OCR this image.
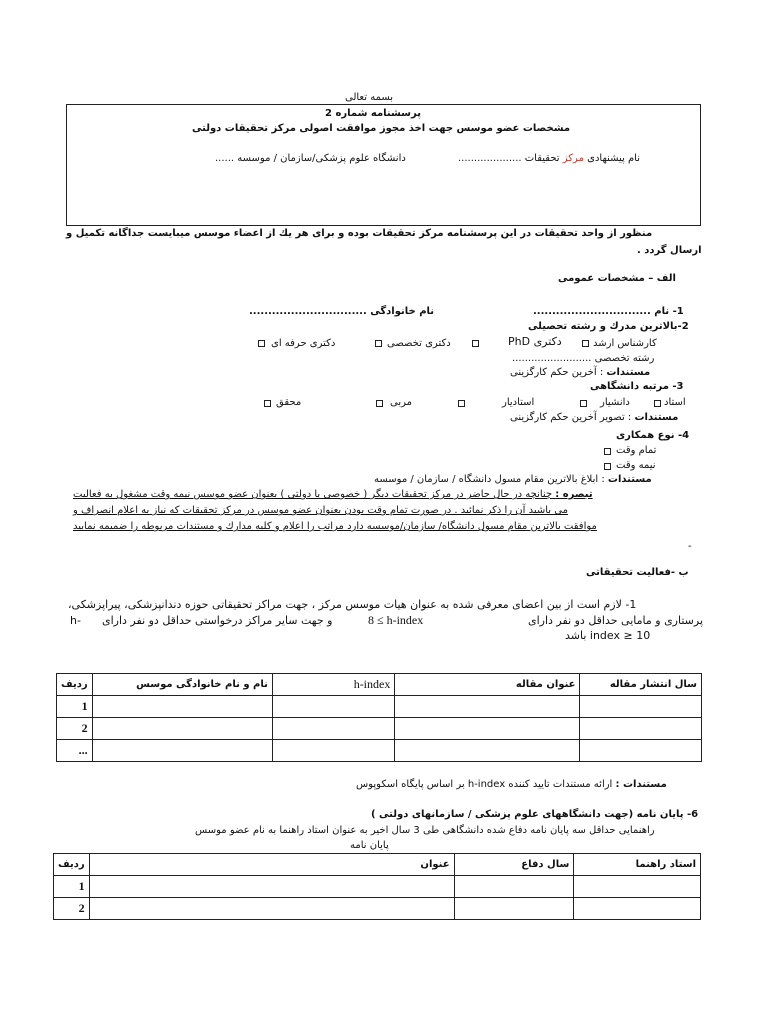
بسمه تعالی
پرسشنامه شماره 2
مشخصات عضو موسس جهت اخذ مجوز موافقت اصولی مرکز تحقیقات دولتی
نام پیشنهادی مرکز تحقیقات ....................
دانشگاه علوم پزشکی/سازمان / موسسه ......
منظور از واحد تحقیقات در این پرسشنامه مرکز تحقیقات بوده و برای هر یك از اعضاء موسس میبایست جداگانه تکمیل و
ارسال گردد .
الف – مشخصات عمومی
1- نام ...............................
نام خانوادگی ...............................
2-بالاترین مدرك و رشته تحصیلی
کارشناس ارشد
دکتری PhD
دکتری تخصصی
دکتری حرفه ای
رشته تخصصی .........................
مستندات : آخرین حکم کارگزینی
3- مرتبه دانشگاهی
استاد
دانشیار
استادیار
مربی
محقق
مستندات : تصویر آخرین حکم کارگزینی
4- نوع همکاری
تمام وقت
نیمه وقت
مستندات : ابلاغ بالاترین مقام مسول دانشگاه / سازمان / موسسه
تبصره : چنانچه در حال حاضر در مرکز تحقیقات دیگر ( خصوصی یا دولتی ) بعنوان عضو موسس نیمه وقت مشغول به فعالیت
می باشید آن را ذکر نمائید . در صورت تمام وقت بودن بعنوان عضو موسس در مرکز تحقیقات که نیاز به اعلام انصراف و
موافقت بالاترین مقام مسول دانشگاه/ سازمان/موسسه دارد مراتب را اعلام و کلیه مدارك و مستندات مربوطه را ضمیمه نمایید
-
ب -فعالیت تحقیقاتی
1- لازم است از بین اعضای معرفی شده به عنوان هیات موسس مرکز ، جهت مراکز تحقیقاتی حوزه دندانپزشکی، پیراپزشکی،
پرستاری و مامایی حداقل دو نفر دارای
8 ≤ h-index
و جهت سایر مراکز درخواستی حداقل دو نفر دارای
-h
index ≥ 10 باشد
سال انتشار مقاله	عنوان مقاله	h-index	نام و نام خانوادگی موسس	ردیف
				1
				2
				...
مستندات : ارائه مستندات تایید کننده h-index بر اساس پایگاه اسکوپوس
6- پایان نامه (جهت دانشگاههای علوم پزشکی / سازمانهای دولتی )
راهنمایی حداقل سه پایان نامه دفاع شده دانشگاهی طی 3 سال اخیر به عنوان استاد راهنما به نام عضو موسس
پایان نامه
استاد راهنما	سال دفاع	عنوان	ردیف
			1
			2
